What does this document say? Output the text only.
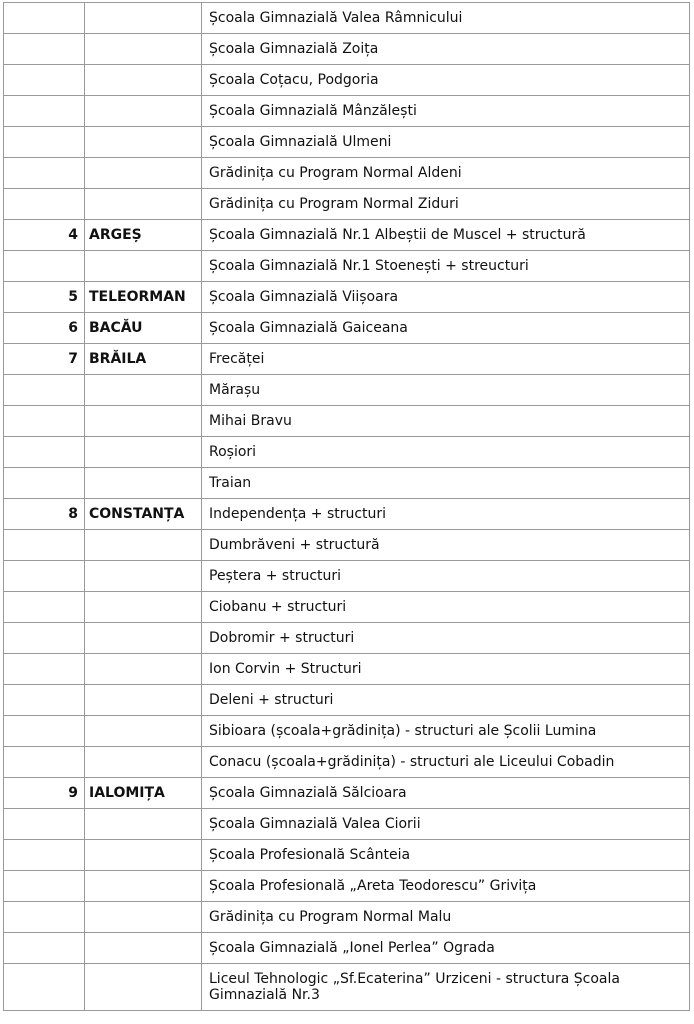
		Școala Gimnazială Valea Râmnicului
		Școala Gimnazială Zoița
		Școala Coțacu, Podgoria
		Școala Gimnazială Mânzălești
		Școala Gimnazială Ulmeni
		Grădinița cu Program Normal Aldeni
		Grădinița cu Program Normal Ziduri
4	ARGEȘ	Școala Gimnazială Nr.1 Albeștii de Muscel + structură
		Școala Gimnazială Nr.1 Stoenești + streucturi
5	TELEORMAN	Școala Gimnazială Viișoara
6	BACĂU	Școala Gimnazială Gaiceana
7	BRĂILA	Frecăței
		Mărașu
		Mihai Bravu
		Roșiori
		Traian
8	CONSTANȚA	Independența + structuri
		Dumbrăveni + structură
		Peștera + structuri
		Ciobanu + structuri
		Dobromir + structuri
		Ion Corvin + Structuri
		Deleni + structuri
		Sibioara (școala+grădinița) - structuri ale Școlii Lumina
		Conacu (școala+grădinița) - structuri ale Liceului Cobadin
9	IALOMIȚA	Școala Gimnazială Sălcioara
		Școala Gimnazială Valea Ciorii
		Școala Profesională Scânteia
		Școala Profesională „Areta Teodorescu” Grivița
		Grădinița cu Program Normal Malu
		Școala Gimnazială „Ionel Perlea” Ograda
		Liceul Tehnologic „Sf.Ecaterina” Urziceni - structura Școala Gimnazială Nr.3
